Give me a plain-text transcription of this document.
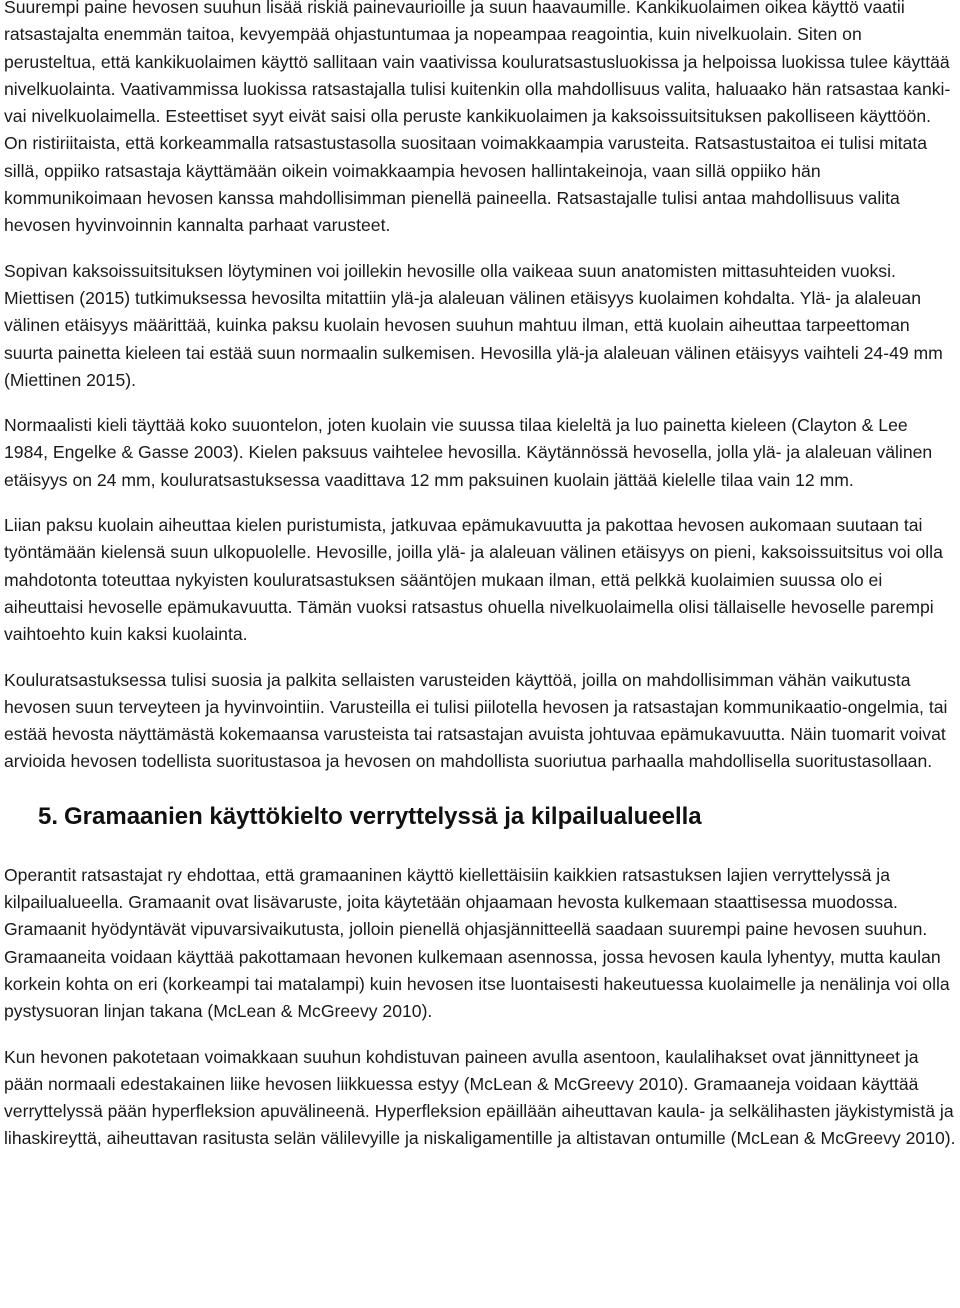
Suurempi paine hevosen suuhun lisää riskiä painevaurioille ja suun haavaumille. Kankikuolaimen oikea käyttö vaatii ratsastajalta enemmän taitoa, kevyempää ohjastuntumaa ja nopeampaa reagointia, kuin nivelkuolain. Siten on perusteltua, että kankikuolaimen käyttö sallitaan vain vaativissa kouluratsastusluokissa ja helpoissa luokissa tulee käyttää nivelkuolainta. Vaativammissa luokissa ratsastajalla tulisi kuitenkin olla mahdollisuus valita, haluaako hän ratsastaa kanki- vai nivelkuolaimella. Esteettiset syyt eivät saisi olla peruste kankikuolaimen ja kaksoissuitsituksen pakolliseen käyttöön. On ristiriitaista, että korkeammalla ratsastustasolla suositaan voimakkaampia varusteita. Ratsastustaitoa ei tulisi mitata sillä, oppiiko ratsastaja käyttämään oikein voimakkaampia hevosen hallintakeinoja, vaan sillä oppiiko hän kommunikoimaan hevosen kanssa mahdollisimman pienellä paineella. Ratsastajalle tulisi antaa mahdollisuus valita hevosen hyvinvoinnin kannalta parhaat varusteet.

Sopivan kaksoissuitsituksen löytyminen voi joillekin hevosille olla vaikeaa suun anatomisten mittasuhteiden vuoksi. Miettisen (2015) tutkimuksessa hevosilta mitattiin ylä-ja alaleuan välinen etäisyys kuolaimen kohdalta. Ylä- ja alaleuan välinen etäisyys määrittää, kuinka paksu kuolain hevosen suuhun mahtuu ilman, että kuolain aiheuttaa tarpeettoman suurta painetta kieleen tai estää suun normaalin sulkemisen. Hevosilla ylä-ja alaleuan välinen etäisyys vaihteli 24-49 mm (Miettinen 2015).

Normaalisti kieli täyttää koko suuontelon, joten kuolain vie suussa tilaa kieleltä ja luo painetta kieleen (Clayton & Lee 1984, Engelke & Gasse 2003). Kielen paksuus vaihtelee hevosilla. Käytännössä hevosella, jolla ylä- ja alaleuan välinen etäisyys on 24 mm, kouluratsastuksessa vaadittava 12 mm paksuinen kuolain jättää kielelle tilaa vain 12 mm.

Liian paksu kuolain aiheuttaa kielen puristumista, jatkuvaa epämukavuutta ja pakottaa hevosen aukomaan suutaan tai työntämään kielensä suun ulkopuolelle. Hevosille, joilla ylä- ja alaleuan välinen etäisyys on pieni, kaksoissuitsitus voi olla mahdotonta toteuttaa nykyisten kouluratsastuksen sääntöjen mukaan ilman, että pelkkä kuolaimien suussa olo ei aiheuttaisi hevoselle epämukavuutta. Tämän vuoksi ratsastus ohuella nivelkuolaimella olisi tällaiselle hevoselle parempi vaihtoehto kuin kaksi kuolainta.

Kouluratsastuksessa tulisi suosia ja palkita sellaisten varusteiden käyttöä, joilla on mahdollisimman vähän vaikutusta hevosen suun terveyteen ja hyvinvointiin. Varusteilla ei tulisi piilotella hevosen ja ratsastajan kommunikaatio-ongelmia, tai estää hevosta näyttämästä kokemaansa varusteista tai ratsastajan avuista johtuvaa epämukavuutta. Näin tuomarit voivat arvioida hevosen todellista suoritustasoa ja hevosen on mahdollista suoriutua parhaalla mahdollisella suoritustasollaan.

5. Gramaanien käyttökielto verryttelyssä ja kilpailualueella

Operantit ratsastajat ry ehdottaa, että gramaaninen käyttö kiellettäisiin kaikkien ratsastuksen lajien verryttelyssä ja kilpailualueella. Gramaanit ovat lisävaruste, joita käytetään ohjaamaan hevosta kulkemaan staattisessa muodossa. Gramaanit hyödyntävät vipuvarsivaikutusta, jolloin pienellä ohjasjännitteellä saadaan suurempi paine hevosen suuhun. Gramaaneita voidaan käyttää pakottamaan hevonen kulkemaan asennossa, jossa hevosen kaula lyhentyy, mutta kaulan korkein kohta on eri (korkeampi tai matalampi) kuin hevosen itse luontaisesti hakeutuessa kuolaimelle ja nenälinja voi olla pystysuoran linjan takana (McLean & McGreevy 2010).

Kun hevonen pakotetaan voimakkaan suuhun kohdistuvan paineen avulla asentoon, kaulalihakset ovat jännittyneet ja pään normaali edestakainen liike hevosen liikkuessa estyy (McLean & McGreevy 2010). Gramaaneja voidaan käyttää verryttelyssä pään hyperfleksion apuvälineenä. Hyperfleksion epäillään aiheuttavan kaula- ja selkälihasten jäykistymistä ja lihaskireyttä, aiheuttavan rasitusta selän välilevyille ja niskaligamentille ja altistavan ontumille (McLean & McGreevy 2010).
